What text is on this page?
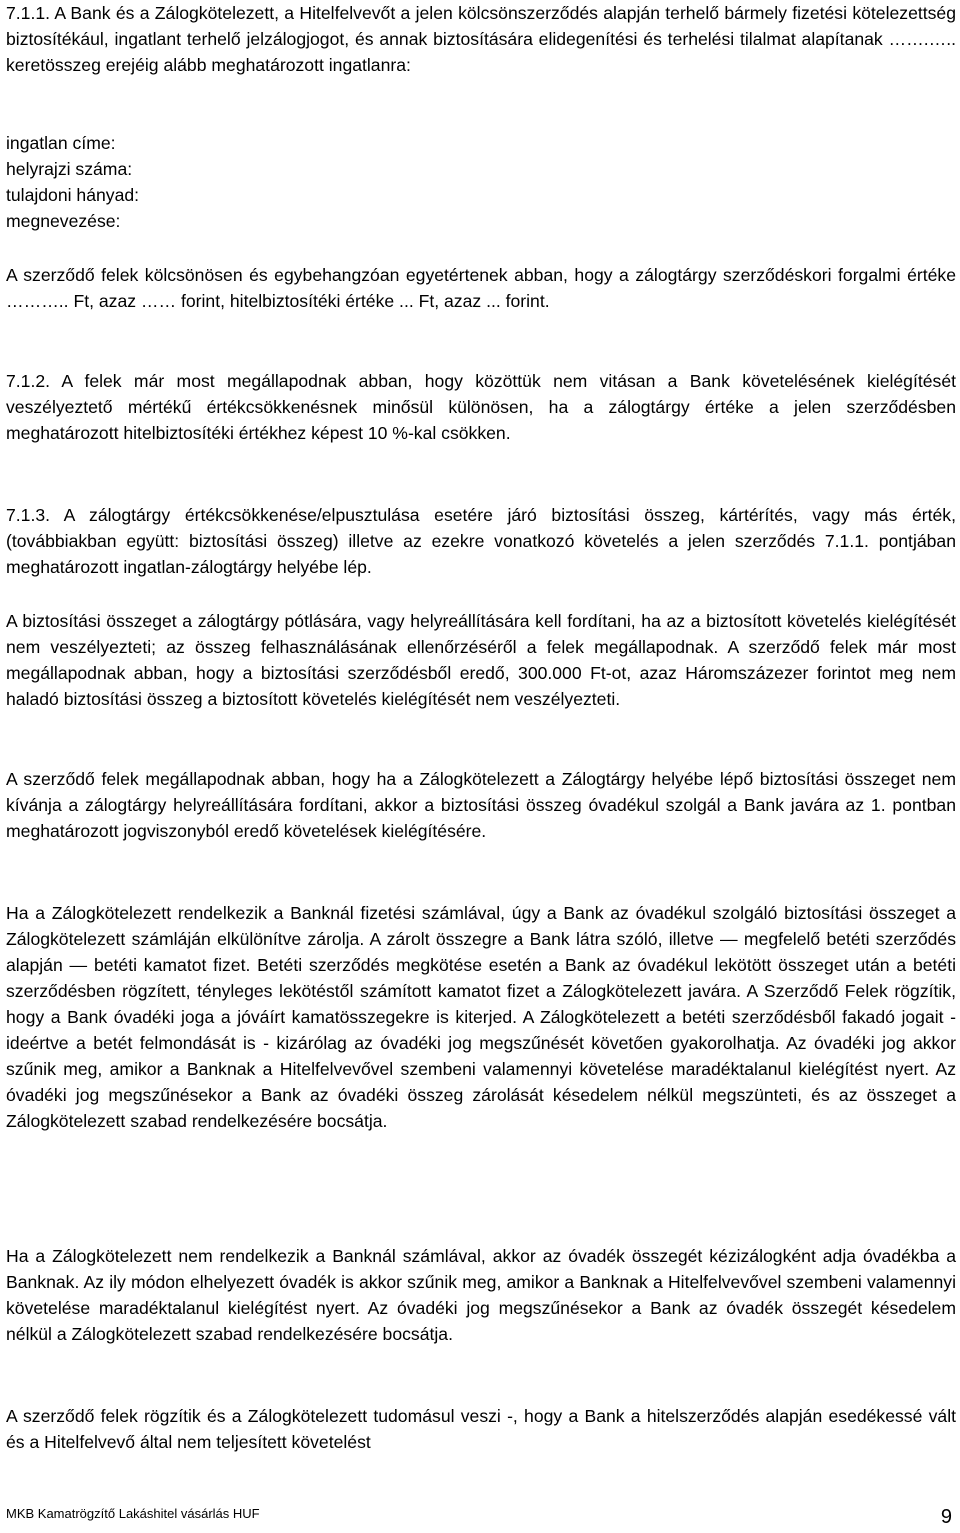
7.1.1. A Bank és a Zálogkötelezett, a Hitelfelvevőt a jelen kölcsönszerződés alapján terhelő bármely fizetési kötelezettség biztosítékául, ingatlant terhelő jelzálogjogot, és annak biztosítására elidegenítési és terhelési tilalmat alapítanak …….….. keretösszeg erejéig alább meghatározott ingatlanra:
ingatlan címe:
helyrajzi száma:
tulajdoni hányad:
megnevezése:
A szerződő felek kölcsönösen és egybehangzóan egyetértenek abban, hogy a zálogtárgy szerződéskori forgalmi értéke ……….. Ft, azaz …… forint, hitelbiztosítéki értéke ... Ft, azaz ... forint.
7.1.2. A felek már most megállapodnak abban, hogy közöttük nem vitásan a Bank követelésének kielégítését veszélyeztető mértékű értékcsökkenésnek minősül különösen, ha a zálogtárgy értéke a jelen szerződésben meghatározott hitelbiztosítéki értékhez képest 10 %-kal csökken.
7.1.3. A zálogtárgy értékcsökkenése/elpusztulása esetére járó biztosítási összeg, kártérítés, vagy más érték, (továbbiakban együtt: biztosítási összeg) illetve az ezekre vonatkozó követelés a jelen szerződés 7.1.1. pontjában meghatározott ingatlan-zálogtárgy helyébe lép.
A biztosítási összeget a zálogtárgy pótlására, vagy helyreállítására kell fordítani, ha az a biztosított követelés kielégítését nem veszélyezteti; az összeg felhasználásának ellenőrzéséről a felek megállapodnak. A szerződő felek már most megállapodnak abban, hogy a biztosítási szerződésből eredő, 300.000 Ft-ot, azaz Háromszázezer forintot meg nem haladó biztosítási összeg a biztosított követelés kielégítését nem veszélyezteti.
A szerződő felek megállapodnak abban, hogy ha a Zálogkötelezett a Zálogtárgy helyébe lépő biztosítási összeget nem kívánja a zálogtárgy helyreállítására fordítani, akkor a biztosítási összeg óvadékul szolgál a Bank javára az 1. pontban meghatározott jogviszonyból eredő követelések kielégítésére.
Ha a Zálogkötelezett rendelkezik a Banknál fizetési számlával, úgy a Bank az óvadékul szolgáló biztosítási összeget a Zálogkötelezett számláján elkülönítve zárolja. A zárolt összegre a Bank látra szóló, illetve — megfelelő betéti szerződés alapján — betéti kamatot fizet. Betéti szerződés megkötése esetén a Bank az óvadékul lekötött összeget után a betéti szerződésben rögzített, tényleges lekötéstől számított kamatot fizet a Zálogkötelezett javára. A Szerződő Felek rögzítik, hogy a Bank óvadéki joga a jóváírt kamatösszegekre is kiterjed. A Zálogkötelezett a betéti szerződésből fakadó jogait - ideértve a betét felmondását is - kizárólag az óvadéki jog megszűnését követően gyakorolhatja. Az óvadéki jog akkor szűnik meg, amikor a Banknak a Hitelfelvevővel szembeni valamennyi követelése maradéktalanul kielégítést nyert. Az óvadéki jog megszűnésekor a Bank az óvadéki összeg zárolását késedelem nélkül megszünteti, és az összeget a Zálogkötelezett szabad rendelkezésére bocsátja.
Ha a Zálogkötelezett nem rendelkezik a Banknál számlával, akkor az óvadék összegét kézizálogként adja óvadékba a Banknak. Az ily módon elhelyezett óvadék is akkor szűnik meg, amikor a Banknak a Hitelfelvevővel szembeni valamennyi követelése maradéktalanul kielégítést nyert. Az óvadéki jog megszűnésekor a Bank az óvadék összegét késedelem nélkül a Zálogkötelezett szabad rendelkezésére bocsátja.
A szerződő felek rögzítik és a Zálogkötelezett tudomásul veszi -, hogy a Bank a hitelszerződés alapján esedékessé vált és a Hitelfelvevő által nem teljesített követelést
MKB Kamatrögzítő Lakáshitel vásárlás HUF	9
